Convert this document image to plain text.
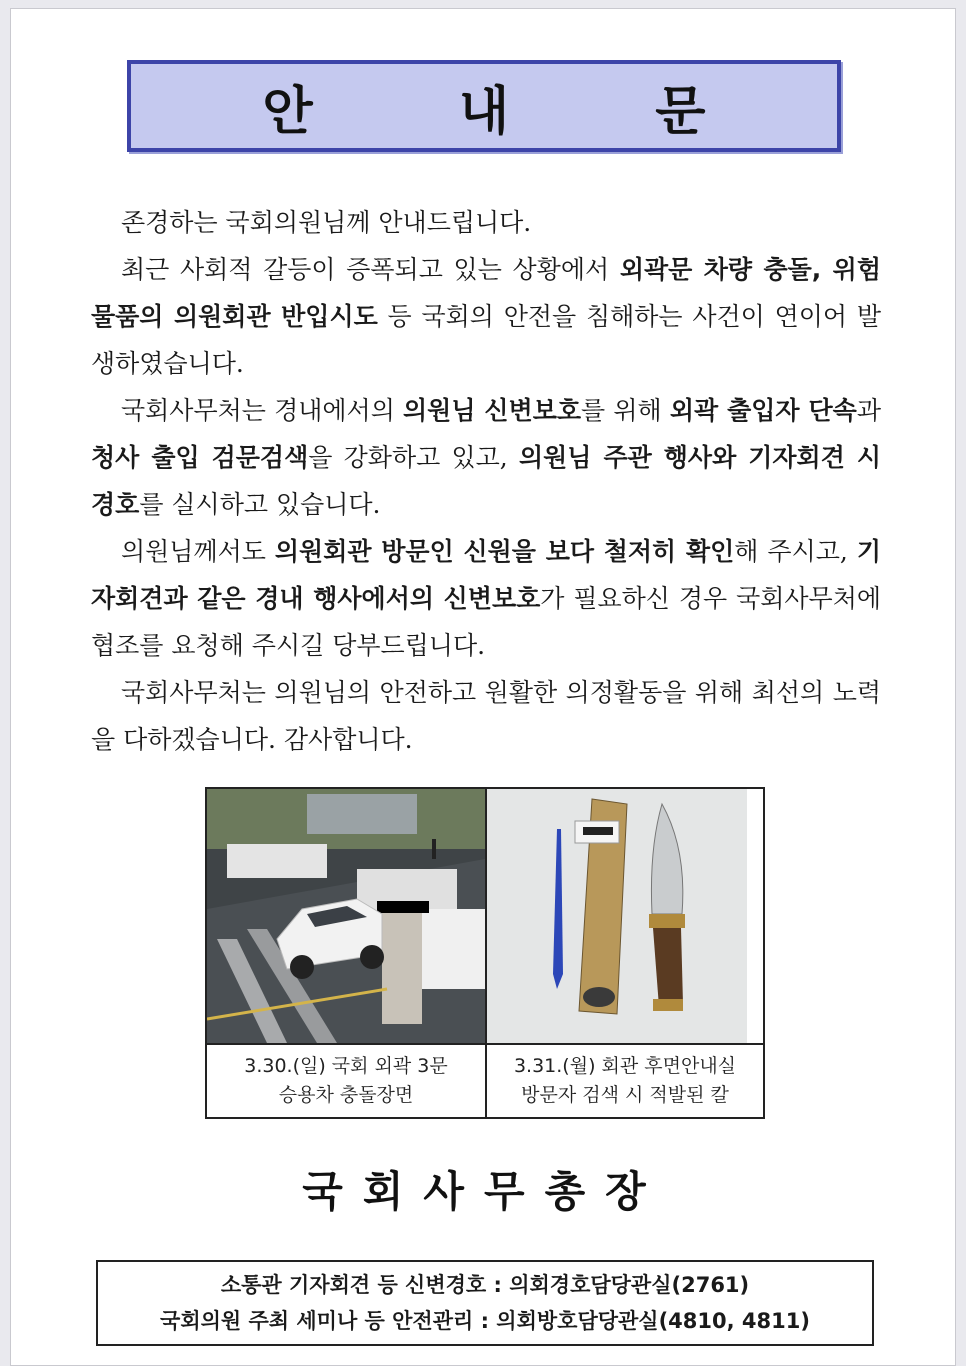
안 내 문

존경하는 국회의원님께 안내드립니다.

최근 사회적 갈등이 증폭되고 있는 상황에서 외곽문 차량 충돌, 위험 물품의 의원회관 반입시도 등 국회의 안전을 침해하는 사건이 연이어 발생하였습니다.

국회사무처는 경내에서의 의원님 신변보호를 위해 외곽 출입자 단속과 청사 출입 검문검색을 강화하고 있고, 의원님 주관 행사와 기자회견 시 경호를 실시하고 있습니다.

의원님께서도 의원회관 방문인 신원을 보다 철저히 확인해 주시고, 기자회견과 같은 경내 행사에서의 신변보호가 필요하신 경우 국회사무처에 협조를 요청해 주시길 당부드립니다.

국회사무처는 의원님의 안전하고 원활한 의정활동을 위해 최선의 노력을 다하겠습니다. 감사합니다.

3.30.(일) 국회 외곽 3문
승용차 충돌장면
3.31.(월) 회관 후면안내실
방문자 검색 시 적발된 칼
국회사무총장
소통관 기자회견 등 신변경호 : 의회경호담당관실(2761)
국회의원 주최 세미나 등 안전관리 : 의회방호담당관실(4810, 4811)
